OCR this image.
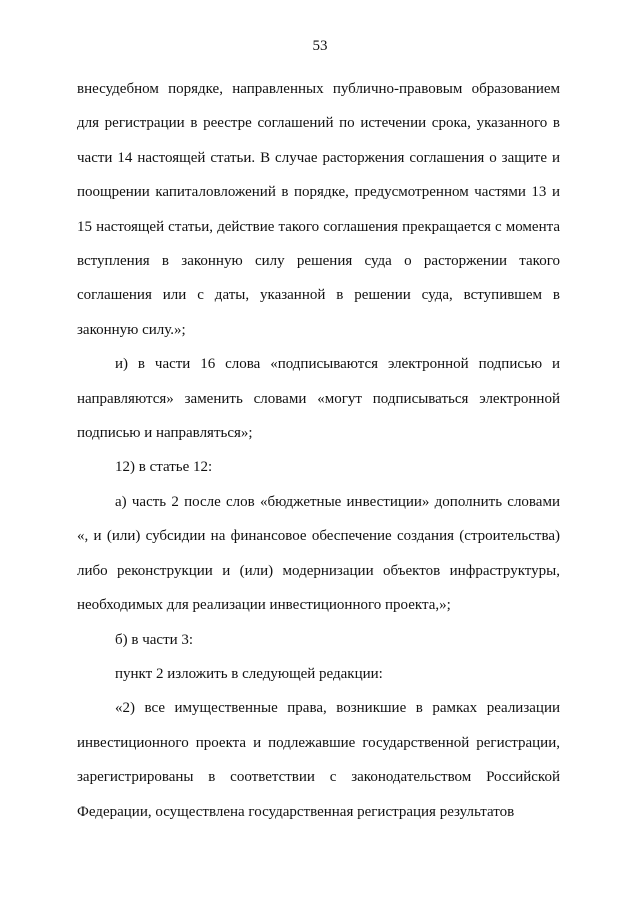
53

внесудебном порядке, направленных публично-правовым образованием для регистрации в реестре соглашений по истечении срока, указанного в части 14 настоящей статьи. В случае расторжения соглашения о защите и поощрении капиталовложений в порядке, предусмотренном частями 13 и 15 настоящей статьи, действие такого соглашения прекращается с момента вступления в законную силу решения суда о расторжении такого соглашения или с даты, указанной в решении суда, вступившем в законную силу.»;

и) в части 16 слова «подписываются электронной подписью и направляются» заменить словами «могут подписываться электронной подписью и направляться»;

12) в статье 12:

а) часть 2 после слов «бюджетные инвестиции» дополнить словами «, и (или) субсидии на финансовое обеспечение создания (строительства) либо реконструкции и (или) модернизации объектов инфраструктуры, необходимых для реализации инвестиционного проекта,»;

б) в части 3:

пункт 2 изложить в следующей редакции:

«2) все имущественные права, возникшие в рамках реализации инвестиционного проекта и подлежавшие государственной регистрации, зарегистрированы в соответствии с законодательством Российской Федерации, осуществлена государственная регистрация результатов
